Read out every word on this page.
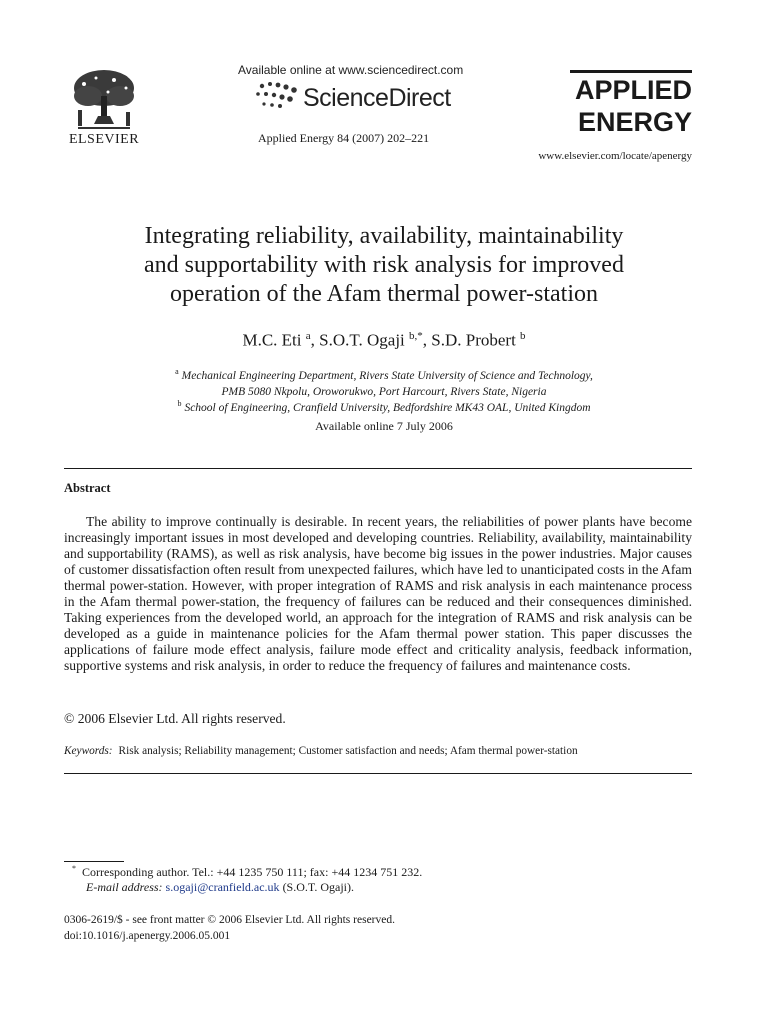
ELSEVIER
Available online at www.sciencedirect.com
ScienceDirect
Applied Energy 84 (2007) 202–221
APPLIED
ENERGY
www.elsevier.com/locate/apenergy
Integrating reliability, availability, maintainability
and supportability with risk analysis for improved
operation of the Afam thermal power-station
M.C. Eti $^a$, S.O.T. Ogaji $^{b,*}$, S.D. Probert $^b$
$^a$ Mechanical Engineering Department, Rivers State University of Science and Technology,
PMB 5080 Nkpolu, Oroworukwo, Port Harcourt, Rivers State, Nigeria
$^b$ School of Engineering, Cranfield University, Bedfordshire MK43 OAL, United Kingdom
Available online 7 July 2006
Abstract

The ability to improve continually is desirable. In recent years, the reliabilities of power plants have become increasingly important issues in most developed and developing countries. Reliability, availability, maintainability and supportability (RAMS), as well as risk analysis, have become big issues in the power industries. Major causes of customer dissatisfaction often result from unexpected failures, which have led to unanticipated costs in the Afam thermal power-station. However, with proper integration of RAMS and risk analysis in each maintenance process in the Afam thermal power-station, the frequency of failures can be reduced and their consequences diminished. Taking experiences from the developed world, an approach for the integration of RAMS and risk analysis can be developed as a guide in maintenance policies for the Afam thermal power station. This paper discusses the applications of failure mode effect analysis, failure mode effect and criticality analysis, feedback information, supportive systems and risk analysis, in order to reduce the frequency of failures and maintenance costs.

© 2006 Elsevier Ltd. All rights reserved.
Keywords: Risk analysis; Reliability management; Customer satisfaction and needs; Afam thermal power-station
* Corresponding author. Tel.: +44 1235 750 111; fax: +44 1234 751 232.
E-mail address: s.ogaji@cranfield.ac.uk (S.O.T. Ogaji).
0306-2619/$ - see front matter © 2006 Elsevier Ltd. All rights reserved.
doi:10.1016/j.apenergy.2006.05.001
